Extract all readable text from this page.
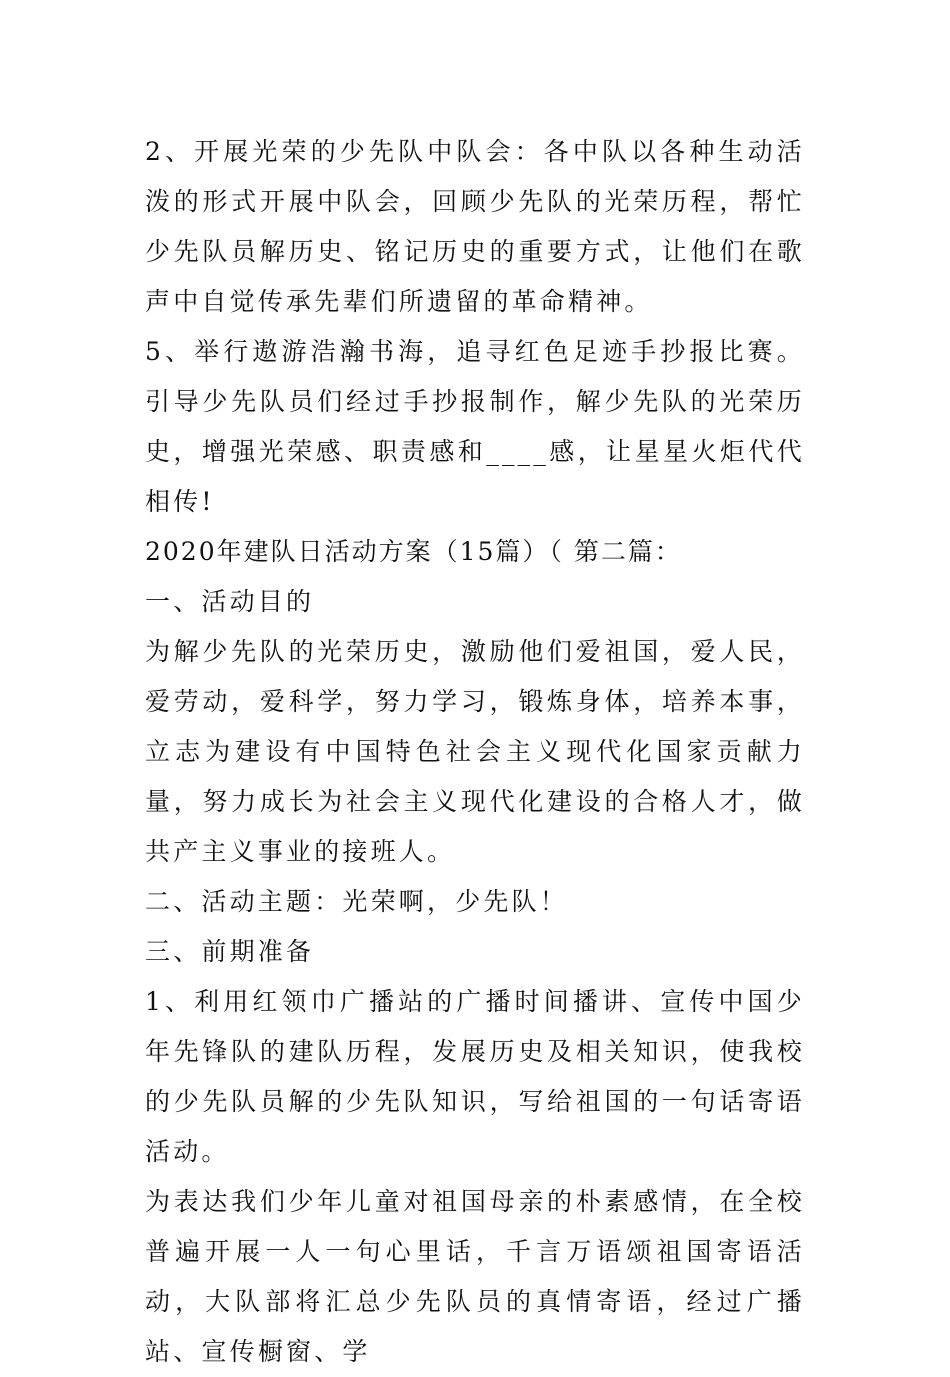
2、开展光荣的少先队中队会：各中队以各种生动活泼的形式开展中队会，回顾少先队的光荣历程，帮忙少先队员解历史、铭记历史的重要方式，让他们在歌声中自觉传承先辈们所遗留的革命精神。

5、举行遨游浩瀚书海，追寻红色足迹手抄报比赛。引导少先队员们经过手抄报制作，解少先队的光荣历史，增强光荣感、职责感和____感，让星星火炬代代相传!

2020年建队日活动方案（15篇）（ 第二篇：

一、活动目的

为解少先队的光荣历史，激励他们爱祖国，爱人民，爱劳动，爱科学，努力学习，锻炼身体，培养本事，立志为建设有中国特色社会主义现代化国家贡献力量，努力成长为社会主义现代化建设的合格人才，做共产主义事业的接班人。

二、活动主题：光荣啊，少先队！

三、前期准备

1、利用红领巾广播站的广播时间播讲、宣传中国少年先锋队的建队历程，发展历史及相关知识，使我校的少先队员解的少先队知识，写给祖国的一句话寄语活动。

为表达我们少年儿童对祖国母亲的朴素感情，在全校普遍开展一人一句心里话，千言万语颂祖国寄语活动，大队部将汇总少先队员的真情寄语，经过广播站、宣传橱窗、学
